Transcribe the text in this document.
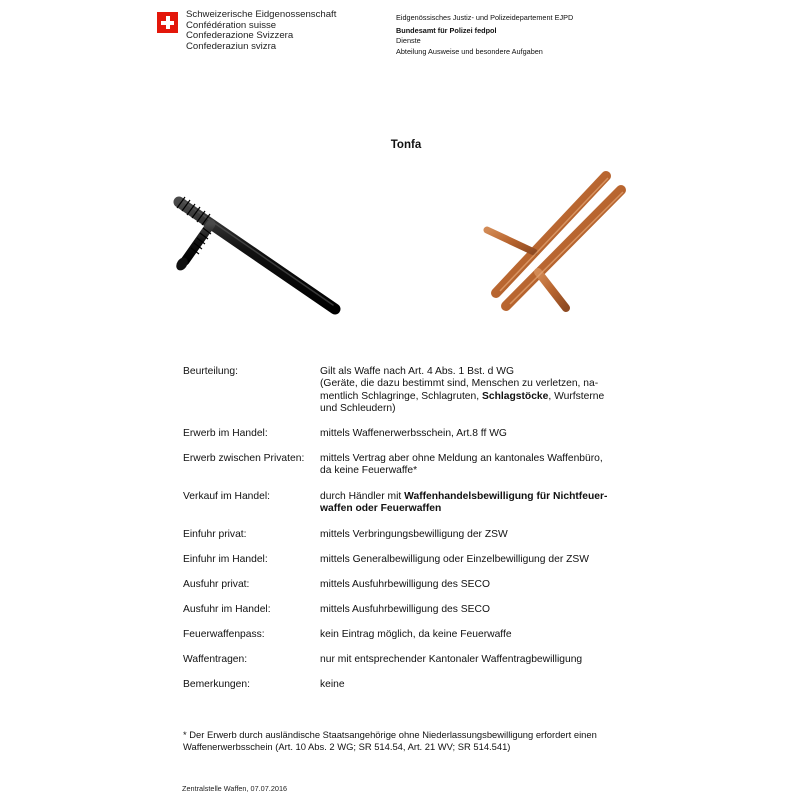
Schweizerische Eidgenossenschaft
Confédération suisse
Confederazione Svizzera
Confederaziun svizra
Eidgenössisches Justiz- und Polizeidepartement EJPD
Bundesamt für Polizei fedpol
Dienste
Abteilung Ausweise und besondere Aufgaben
Tonfa
Beurteilung:	Gilt als Waffe nach Art. 4 Abs. 1 Bst. d WG
(Geräte, die dazu bestimmt sind, Menschen zu verletzen, na-
mentlich Schlagringe, Schlagruten, Schlagstöcke, Wurfsterne
und Schleudern)
Erwerb im Handel:	mittels Waffenerwerbsschein, Art.8 ff WG
Erwerb zwischen Privaten:	mittels Vertrag aber ohne Meldung an kantonales Waffenbüro,
da keine Feuerwaffe*
Verkauf im Handel:	durch Händler mit Waffenhandelsbewilligung für Nichtfeuer-
waffen oder Feuerwaffen
Einfuhr privat:	mittels Verbringungsbewilligung der ZSW
Einfuhr im Handel:	mittels Generalbewilligung oder Einzelbewilligung der ZSW
Ausfuhr privat:	mittels Ausfuhrbewilligung des SECO
Ausfuhr im Handel:	mittels Ausfuhrbewilligung des SECO
Feuerwaffenpass:	kein Eintrag möglich, da keine Feuerwaffe
Waffentragen:	nur mit entsprechender Kantonaler Waffentragbewilligung
Bemerkungen:	keine
* Der Erwerb durch ausländische Staatsangehörige ohne Niederlassungsbewilligung erfordert einen
Waffenerwerbsschein (Art. 10 Abs. 2 WG; SR 514.54, Art. 21 WV; SR 514.541)
Zentralstelle Waffen, 07.07.2016
